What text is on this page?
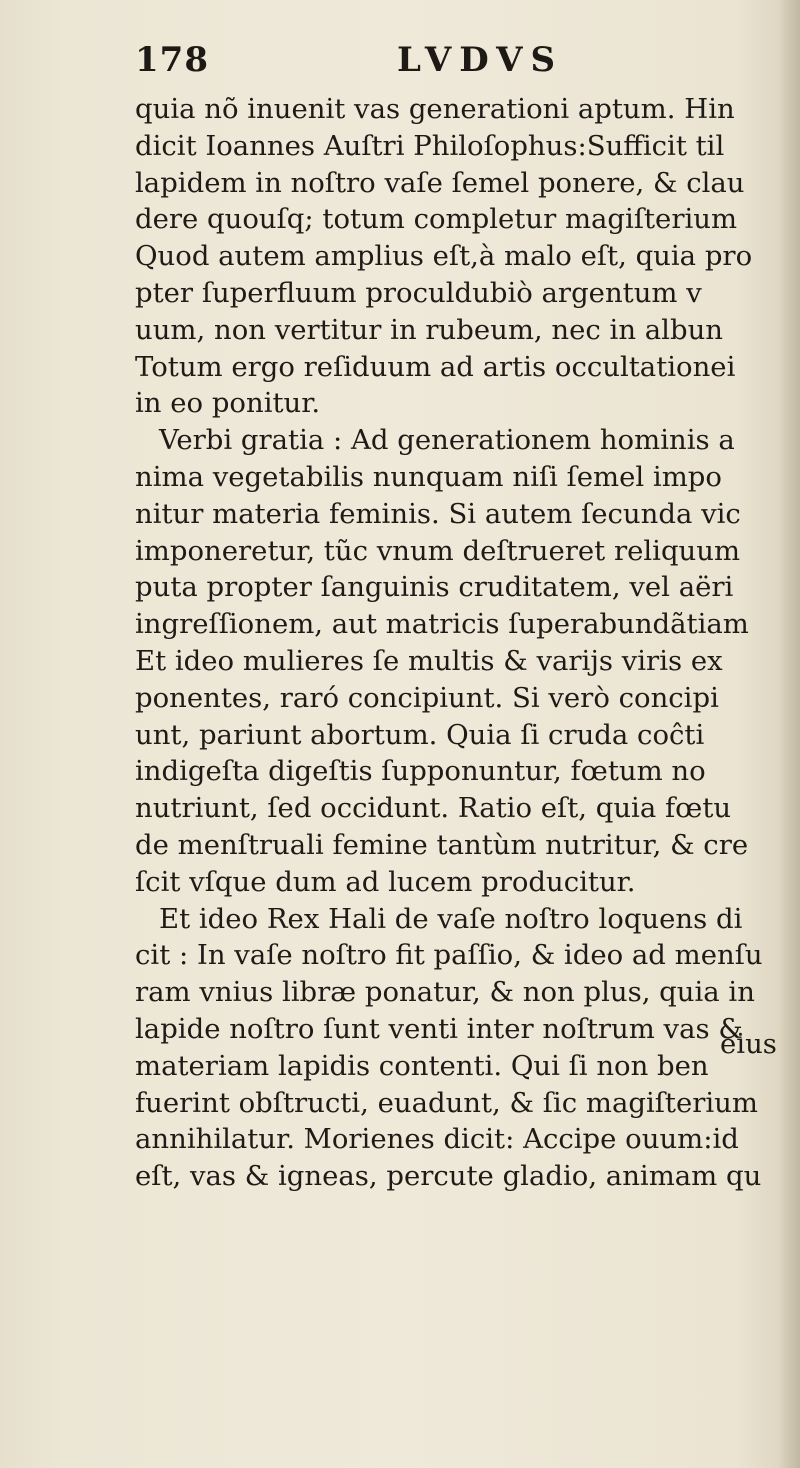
178	LVDVS
quia nõ inuenit vas generationi aptum. Hin
dicit Ioannes Auſtri Philoſophus:Sufficit til
lapidem in noſtro vaſe ſemel ponere, & clau
dere quouſq; totum completur magiſterium
Quod autem amplius eſt,à malo eſt, quia pro
pter ſuperfluum proculdubiò argentum v
uum, non vertitur in rubeum, nec in albun
Totum ergo reſiduum ad artis occultationei
in eo ponitur.
Verbi gratia : Ad generationem hominis a
nima vegetabilis nunquam niſi ſemel impo
nitur materia feminis. Si autem ſecunda vic
imponeretur, tũc vnum deſtrueret reliquum
puta propter ſanguinis cruditatem, vel aëri
ingreſſionem, aut matricis ſuperabundãtiam
Et ideo mulieres ſe multis & varijs viris ex
ponentes, raró concipiunt. Si verò concipi
unt, pariunt abortum. Quia ſi cruda coĉti
indigeſta digeſtis ſupponuntur, fœtum no
nutriunt, ſed occidunt. Ratio eſt, quia fœtu
de menſtruali femine tantùm nutritur, & cre
ſcit vſque dum ad lucem producitur.
Et ideo Rex Hali de vaſe noſtro loquens di
cit : In vaſe noſtro fit paſſio, & ideo ad menſu
ram vnius libræ ponatur, & non plus, quia in
lapide noſtro ſunt venti inter noſtrum vas &
materiam lapidis contenti. Qui ſi non ben
fuerint obſtructi, euadunt, & ſic magiſterium
annihilatur. Morienes dicit: Accipe ouum:id
eſt, vas & igneas, percute gladio, animam qu
eius
